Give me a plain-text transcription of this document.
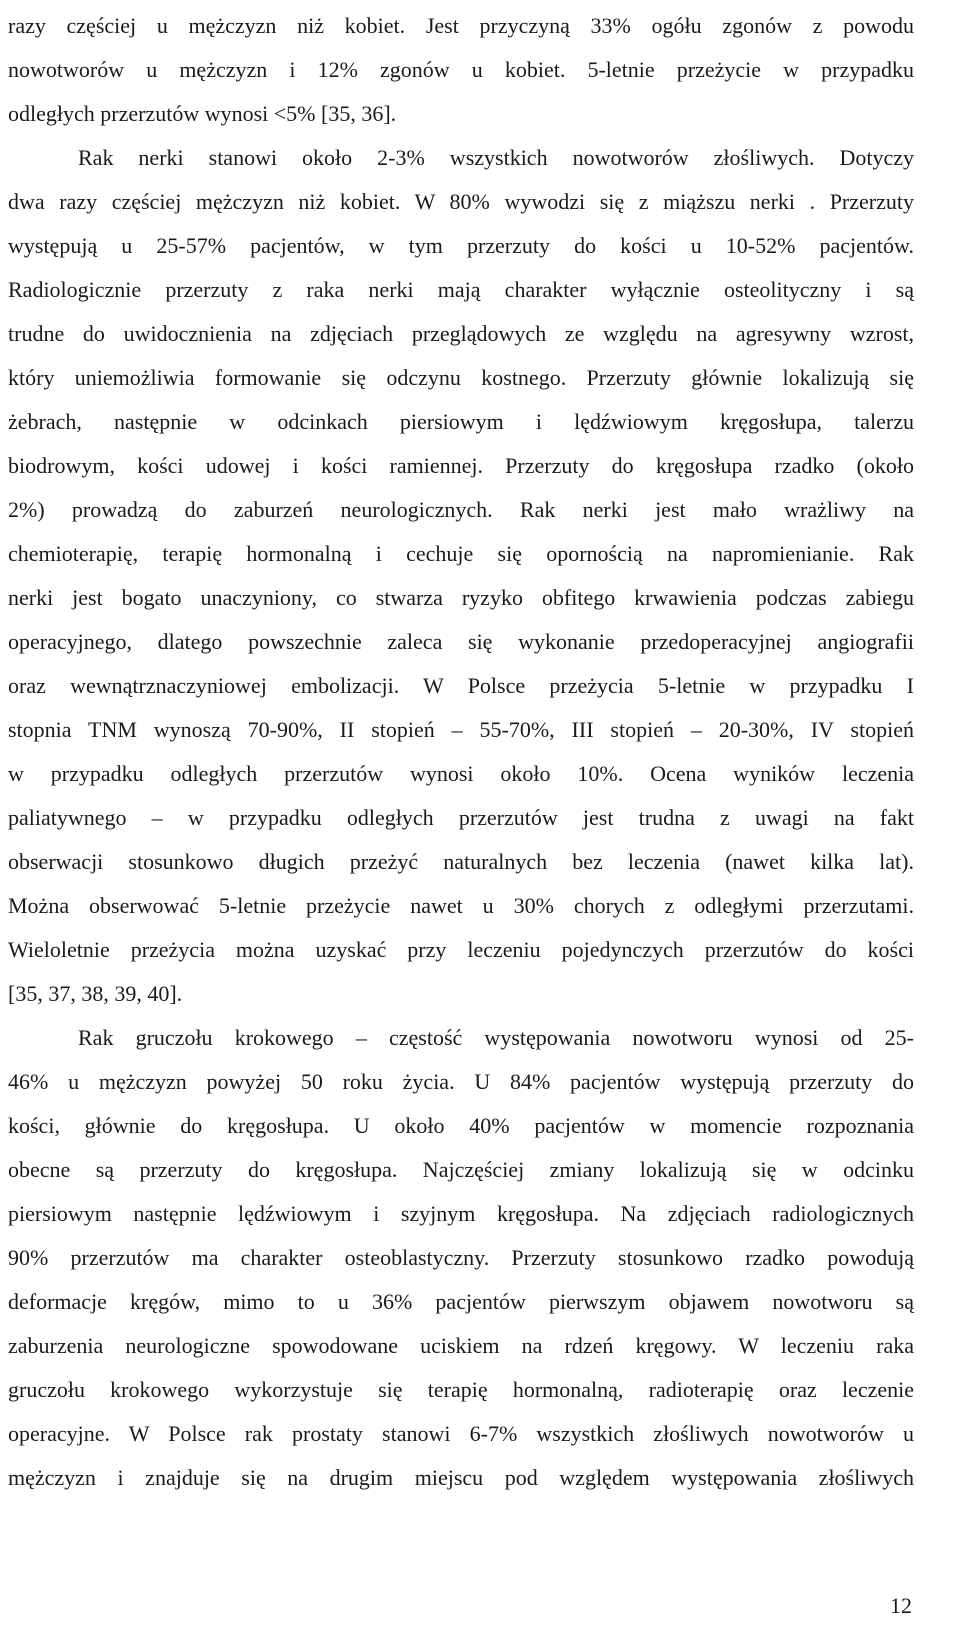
razy częściej u mężczyzn niż kobiet. Jest przyczyną 33% ogółu zgonów z powodu
nowotworów u mężczyzn i 12% zgonów u kobiet. 5-letnie przeżycie w przypadku
odległych przerzutów wynosi <5% [35, 36].
Rak nerki stanowi około 2-3% wszystkich nowotworów złośliwych. Dotyczy
dwa razy częściej mężczyzn niż kobiet. W 80% wywodzi się z miąższu nerki . Przerzuty
występują u 25-57% pacjentów, w tym przerzuty do kości u 10-52% pacjentów.
Radiologicznie przerzuty z raka nerki mają charakter wyłącznie osteolityczny i są
trudne do uwidocznienia na zdjęciach przeglądowych ze względu na agresywny wzrost,
który uniemożliwia formowanie się odczynu kostnego. Przerzuty głównie lokalizują się
żebrach, następnie w odcinkach piersiowym i lędźwiowym kręgosłupa, talerzu
biodrowym, kości udowej i kości ramiennej. Przerzuty do kręgosłupa rzadko (około
2%) prowadzą do zaburzeń neurologicznych. Rak nerki jest mało wrażliwy na
chemioterapię, terapię hormonalną i cechuje się opornością na napromienianie. Rak
nerki jest bogato unaczyniony, co stwarza ryzyko obfitego krwawienia podczas zabiegu
operacyjnego, dlatego powszechnie zaleca się wykonanie przedoperacyjnej angiografii
oraz wewnątrznaczyniowej embolizacji. W Polsce przeżycia 5-letnie w przypadku I
stopnia TNM wynoszą 70-90%, II stopień – 55-70%, III stopień – 20-30%, IV stopień
w przypadku odległych przerzutów wynosi około 10%. Ocena wyników leczenia
paliatywnego – w przypadku odległych przerzutów jest trudna z uwagi na fakt
obserwacji stosunkowo długich przeżyć naturalnych bez leczenia (nawet kilka lat).
Można obserwować 5-letnie przeżycie nawet u 30% chorych z odległymi przerzutami.
Wieloletnie przeżycia można uzyskać przy leczeniu pojedynczych przerzutów do kości
[35, 37, 38, 39, 40].
Rak gruczołu krokowego – częstość występowania nowotworu wynosi od 25-
46% u mężczyzn powyżej 50 roku życia. U 84% pacjentów występują przerzuty do
kości, głównie do kręgosłupa. U około 40% pacjentów w momencie rozpoznania
obecne są przerzuty do kręgosłupa. Najczęściej zmiany lokalizują się w odcinku
piersiowym następnie lędźwiowym i szyjnym kręgosłupa. Na zdjęciach radiologicznych
90% przerzutów ma charakter osteoblastyczny. Przerzuty stosunkowo rzadko powodują
deformacje kręgów, mimo to u 36% pacjentów pierwszym objawem nowotworu są
zaburzenia neurologiczne spowodowane uciskiem na rdzeń kręgowy. W leczeniu raka
gruczołu krokowego wykorzystuje się terapię hormonalną, radioterapię oraz leczenie
operacyjne. W Polsce rak prostaty stanowi 6-7% wszystkich złośliwych nowotworów u
mężczyzn i znajduje się na drugim miejscu pod względem występowania złośliwych
12
